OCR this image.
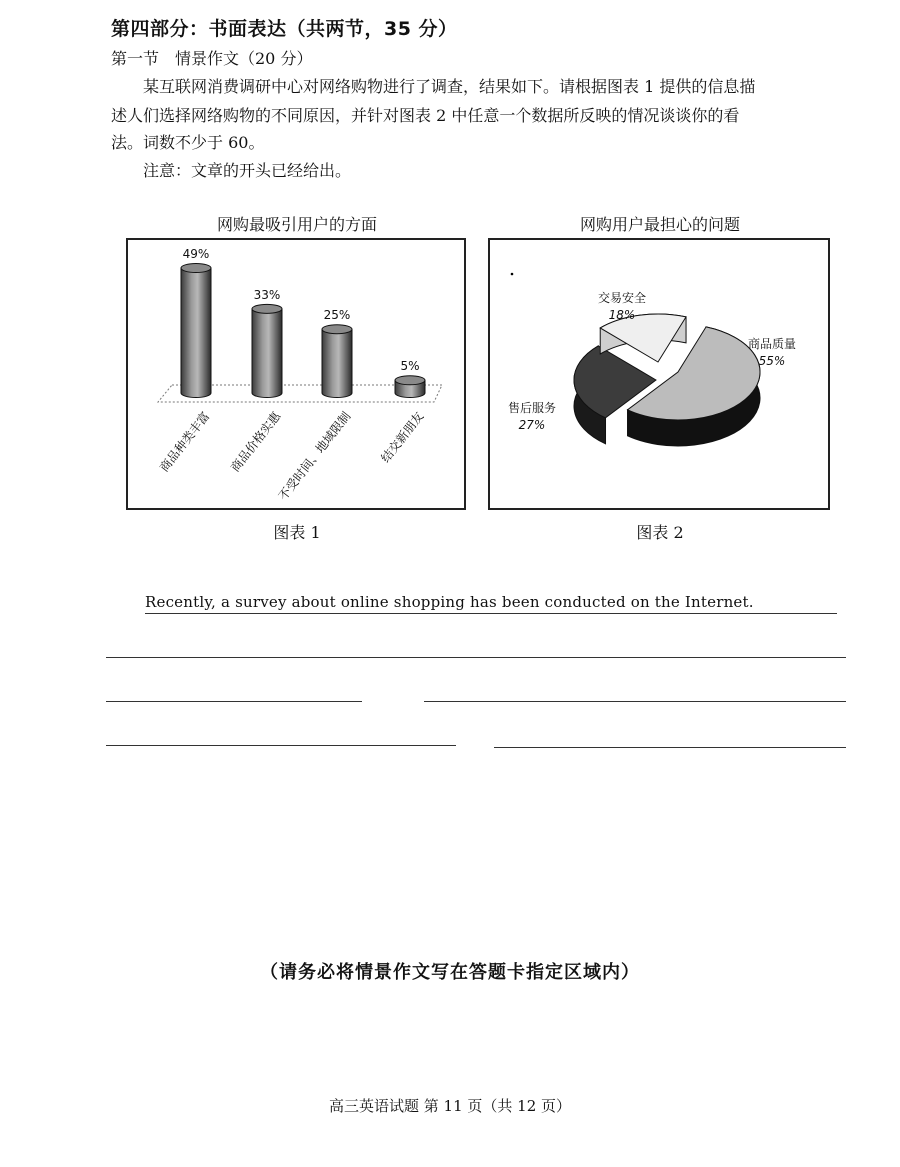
第四部分：书面表达（共两节，35 分）
第一节　情景作文（20 分）
某互联网消费调研中心对网络购物进行了调查，结果如下。请根据图表 1 提供的信息描
述人们选择网络购物的不同原因，并针对图表 2 中任意一个数据所反映的情况谈谈你的看
法。词数不少于 60。
注意：文章的开头已经给出。
网购最吸引用户的方面
49%
商品种类丰富
33%
商品价格实惠
25%
不受时间、地域限制
5%
结交新朋友
图表 1
网购用户最担心的问题
商品质量
55%
售后服务
27%
交易安全
18%
图表 2
Recently, a survey about online shopping has been conducted on the Internet.
（请务必将情景作文写在答题卡指定区域内）
高三英语试题 第 11 页（共 12 页）
